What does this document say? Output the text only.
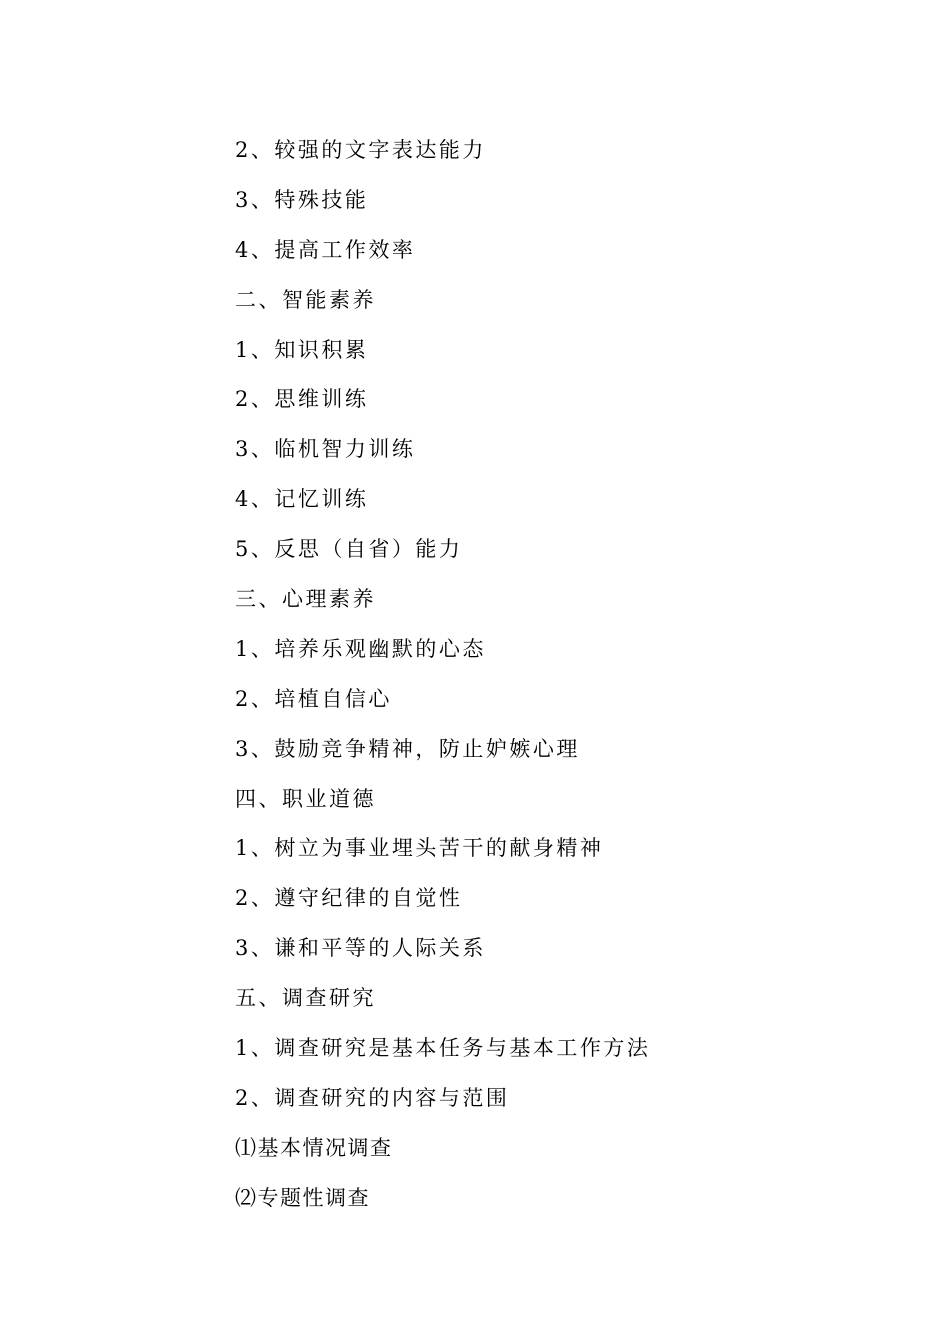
2、较强的文字表达能力
3、特殊技能
4、提高工作效率
二、智能素养
1、知识积累
2、思维训练
3、临机智力训练
4、记忆训练
5、反思（自省）能力
三、心理素养
1、培养乐观幽默的心态
2、培植自信心
3、鼓励竞争精神，防止妒嫉心理
四、职业道德
1、树立为事业埋头苦干的献身精神
2、遵守纪律的自觉性
3、谦和平等的人际关系
五、调查研究
1、调查研究是基本任务与基本工作方法
2、调查研究的内容与范围
⑴基本情况调查
⑵专题性调查
